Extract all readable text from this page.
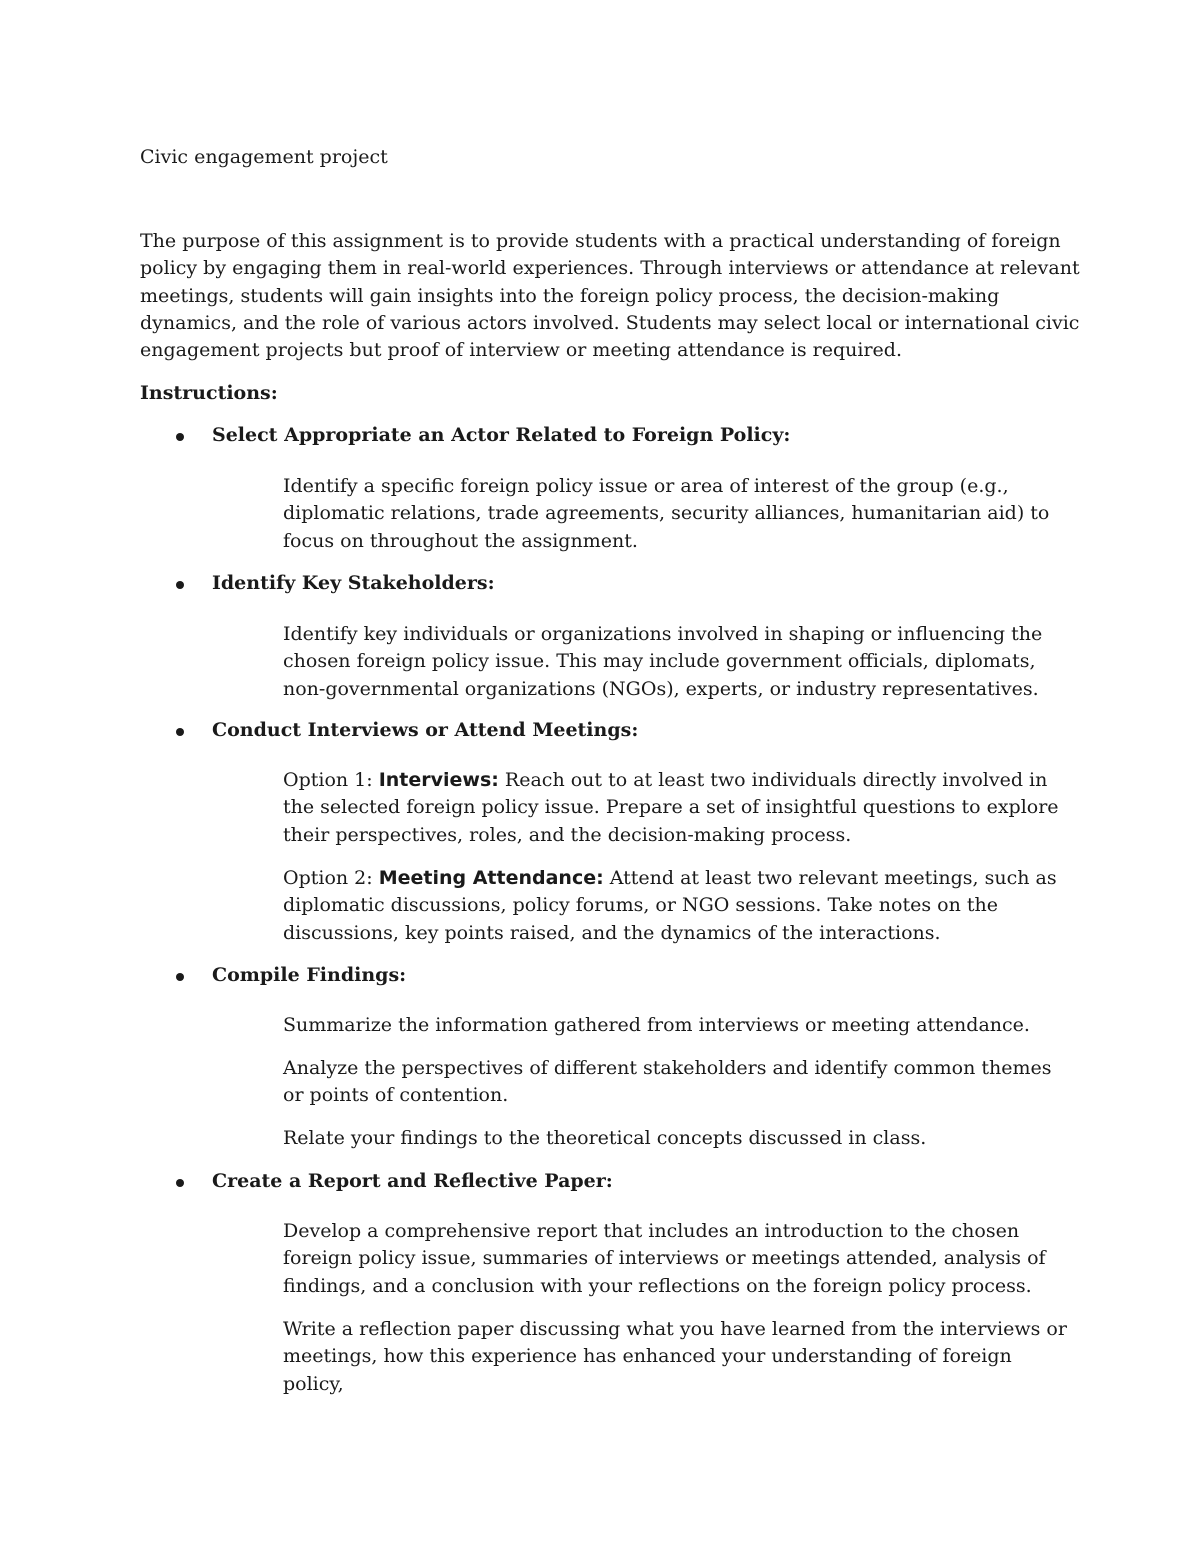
Civic engagement project

The purpose of this assignment is to provide students with a practical understanding of foreign policy by engaging them in real-world experiences. Through interviews or attendance at relevant meetings, students will gain insights into the foreign policy process, the decision-making dynamics, and the role of various actors involved. Students may select local or international civic engagement projects but proof of interview or meeting attendance is required.

Instructions:

Select Appropriate an Actor Related to Foreign Policy:

Identify a specific foreign policy issue or area of interest of the group (e.g., diplomatic relations, trade agreements, security alliances, humanitarian aid) to focus on throughout the assignment.

Identify Key Stakeholders:

Identify key individuals or organizations involved in shaping or influencing the chosen foreign policy issue. This may include government officials, diplomats, non-governmental organizations (NGOs), experts, or industry representatives.

Conduct Interviews or Attend Meetings:

Option 1: Interviews: Reach out to at least two individuals directly involved in the selected foreign policy issue. Prepare a set of insightful questions to explore their perspectives, roles, and the decision-making process.

Option 2: Meeting Attendance: Attend at least two relevant meetings, such as diplomatic discussions, policy forums, or NGO sessions. Take notes on the discussions, key points raised, and the dynamics of the interactions.

Compile Findings:

Summarize the information gathered from interviews or meeting attendance.

Analyze the perspectives of different stakeholders and identify common themes or points of contention.

Relate your findings to the theoretical concepts discussed in class.

Create a Report and Reflective Paper:

Develop a comprehensive report that includes an introduction to the chosen foreign policy issue, summaries of interviews or meetings attended, analysis of findings, and a conclusion with your reflections on the foreign policy process.

Write a reflection paper discussing what you have learned from the interviews or meetings, how this experience has enhanced your understanding of foreign policy,
